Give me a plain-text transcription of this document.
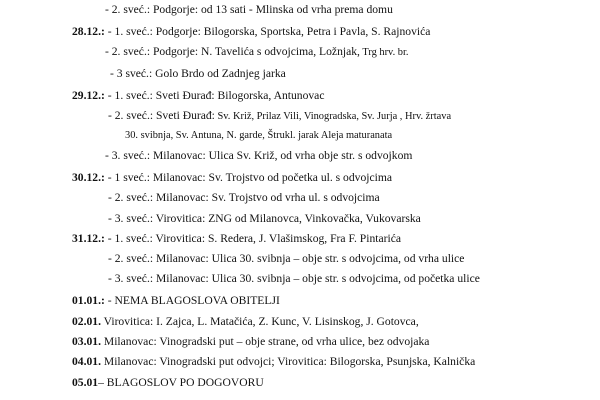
- 2. sveć.: Podgorje: od 13 sati - Mlinska od vrha prema domu
28.12.: - 1. sveć.: Podgorje: Bilogorska, Sportska, Petra i Pavla, S. Rajnovića
- 2. sveć.: Podgorje: N. Tavelića s odvojcima, Ložnjak, Trg hrv. br.
- 3 sveć.: Golo Brdo od Zadnjeg jarka
29.12.: - 1. sveć.: Sveti Đurađ: Bilogorska, Antunovac
- 2. sveć.: Sveti Đurađ: Sv. Križ, Prilaz Vili, Vinogradska, Sv. Jurja , Hrv. žrtava
30. svibnja, Sv. Antuna, N. garde, Štrukl. jarak Aleja maturanata
- 3. sveć.: Milanovac: Ulica Sv. Križ, od vrha obje str. s odvojkom
30.12.: - 1 sveć.: Milanovac: Sv. Trojstvo od početka ul. s odvojcima
- 2. sveć.: Milanovac: Sv. Trojstvo od vrha ul. s odvojcima
- 3. sveć.: Virovitica: ZNG od Milanovca, Vinkovačka, Vukovarska
31.12.: - 1. sveć.: Virovitica: S. Redera, J. Vlašimskog, Fra F. Pintarića
- 2. sveć.: Milanovac: Ulica 30. svibnja – obje str. s odvojcima, od vrha ulice
- 3. sveć.: Milanovac: Ulica 30. svibnja – obje str. s odvojcima, od početka ulice
01.01.: - NEMA BLAGOSLOVA OBITELJI
02.01. Virovitica: I. Zajca, L. Matačića, Z. Kunc, V. Lisinskog, J. Gotovca,
03.01. Milanovac: Vinogradski put – obje strane, od vrha ulice, bez odvojaka
04.01. Milanovac: Vinogradski put odvojci; Virovitica: Bilogorska, Psunjska, Kalnička
05.01– BLAGOSLOV PO DOGOVORU
